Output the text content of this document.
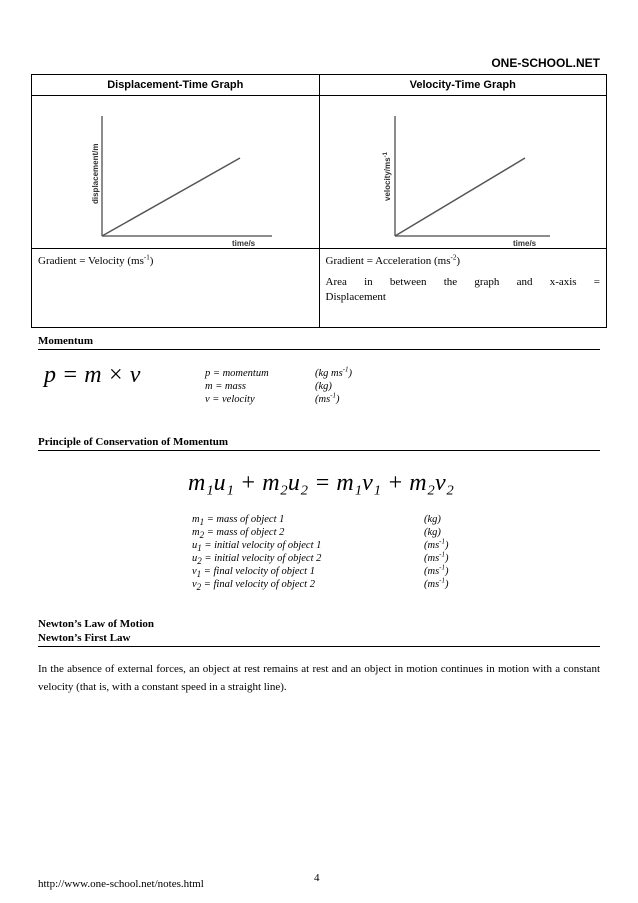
ONE-SCHOOL.NET
Displacement-Time Graph	Velocity-Time Graph

displacement/m
time/s	velocity/$ms^{-1}$
time/s

Gradient = Velocity $(ms^{-1})$	Gradient = Acceleration $(ms^{-2})$

Area in between the graph and x-axis =
Displacement

Momentum
p = m × v	p = momentum	(kg $ms^{-1}$)
m = mass	(kg)
v = velocity	$(ms^{-1})$
Principle of Conservation of Momentum
m₁u₁ + m₂u₂ = m₁v₁ + m₂v₂
$m_1$ = mass of object 1	(kg)
$m_2$ = mass of object 2	(kg)
$u_1$ = initial velocity of object 1	$(ms^{-1})$
$u_2$ = initial velocity of object 2	$(ms^{-1})$
$v_1$ = final velocity of object 1	$(ms^{-1})$
$v_2$ = final velocity of object 2	$(ms^{-1})$
Newton’s Law of Motion
Newton’s First Law
In the absence of external forces, an object at rest remains at rest and an object in motion continues in motion with a constant velocity (that is, with a constant speed in a straight line).
http://www.one-school.net/notes.html	4
